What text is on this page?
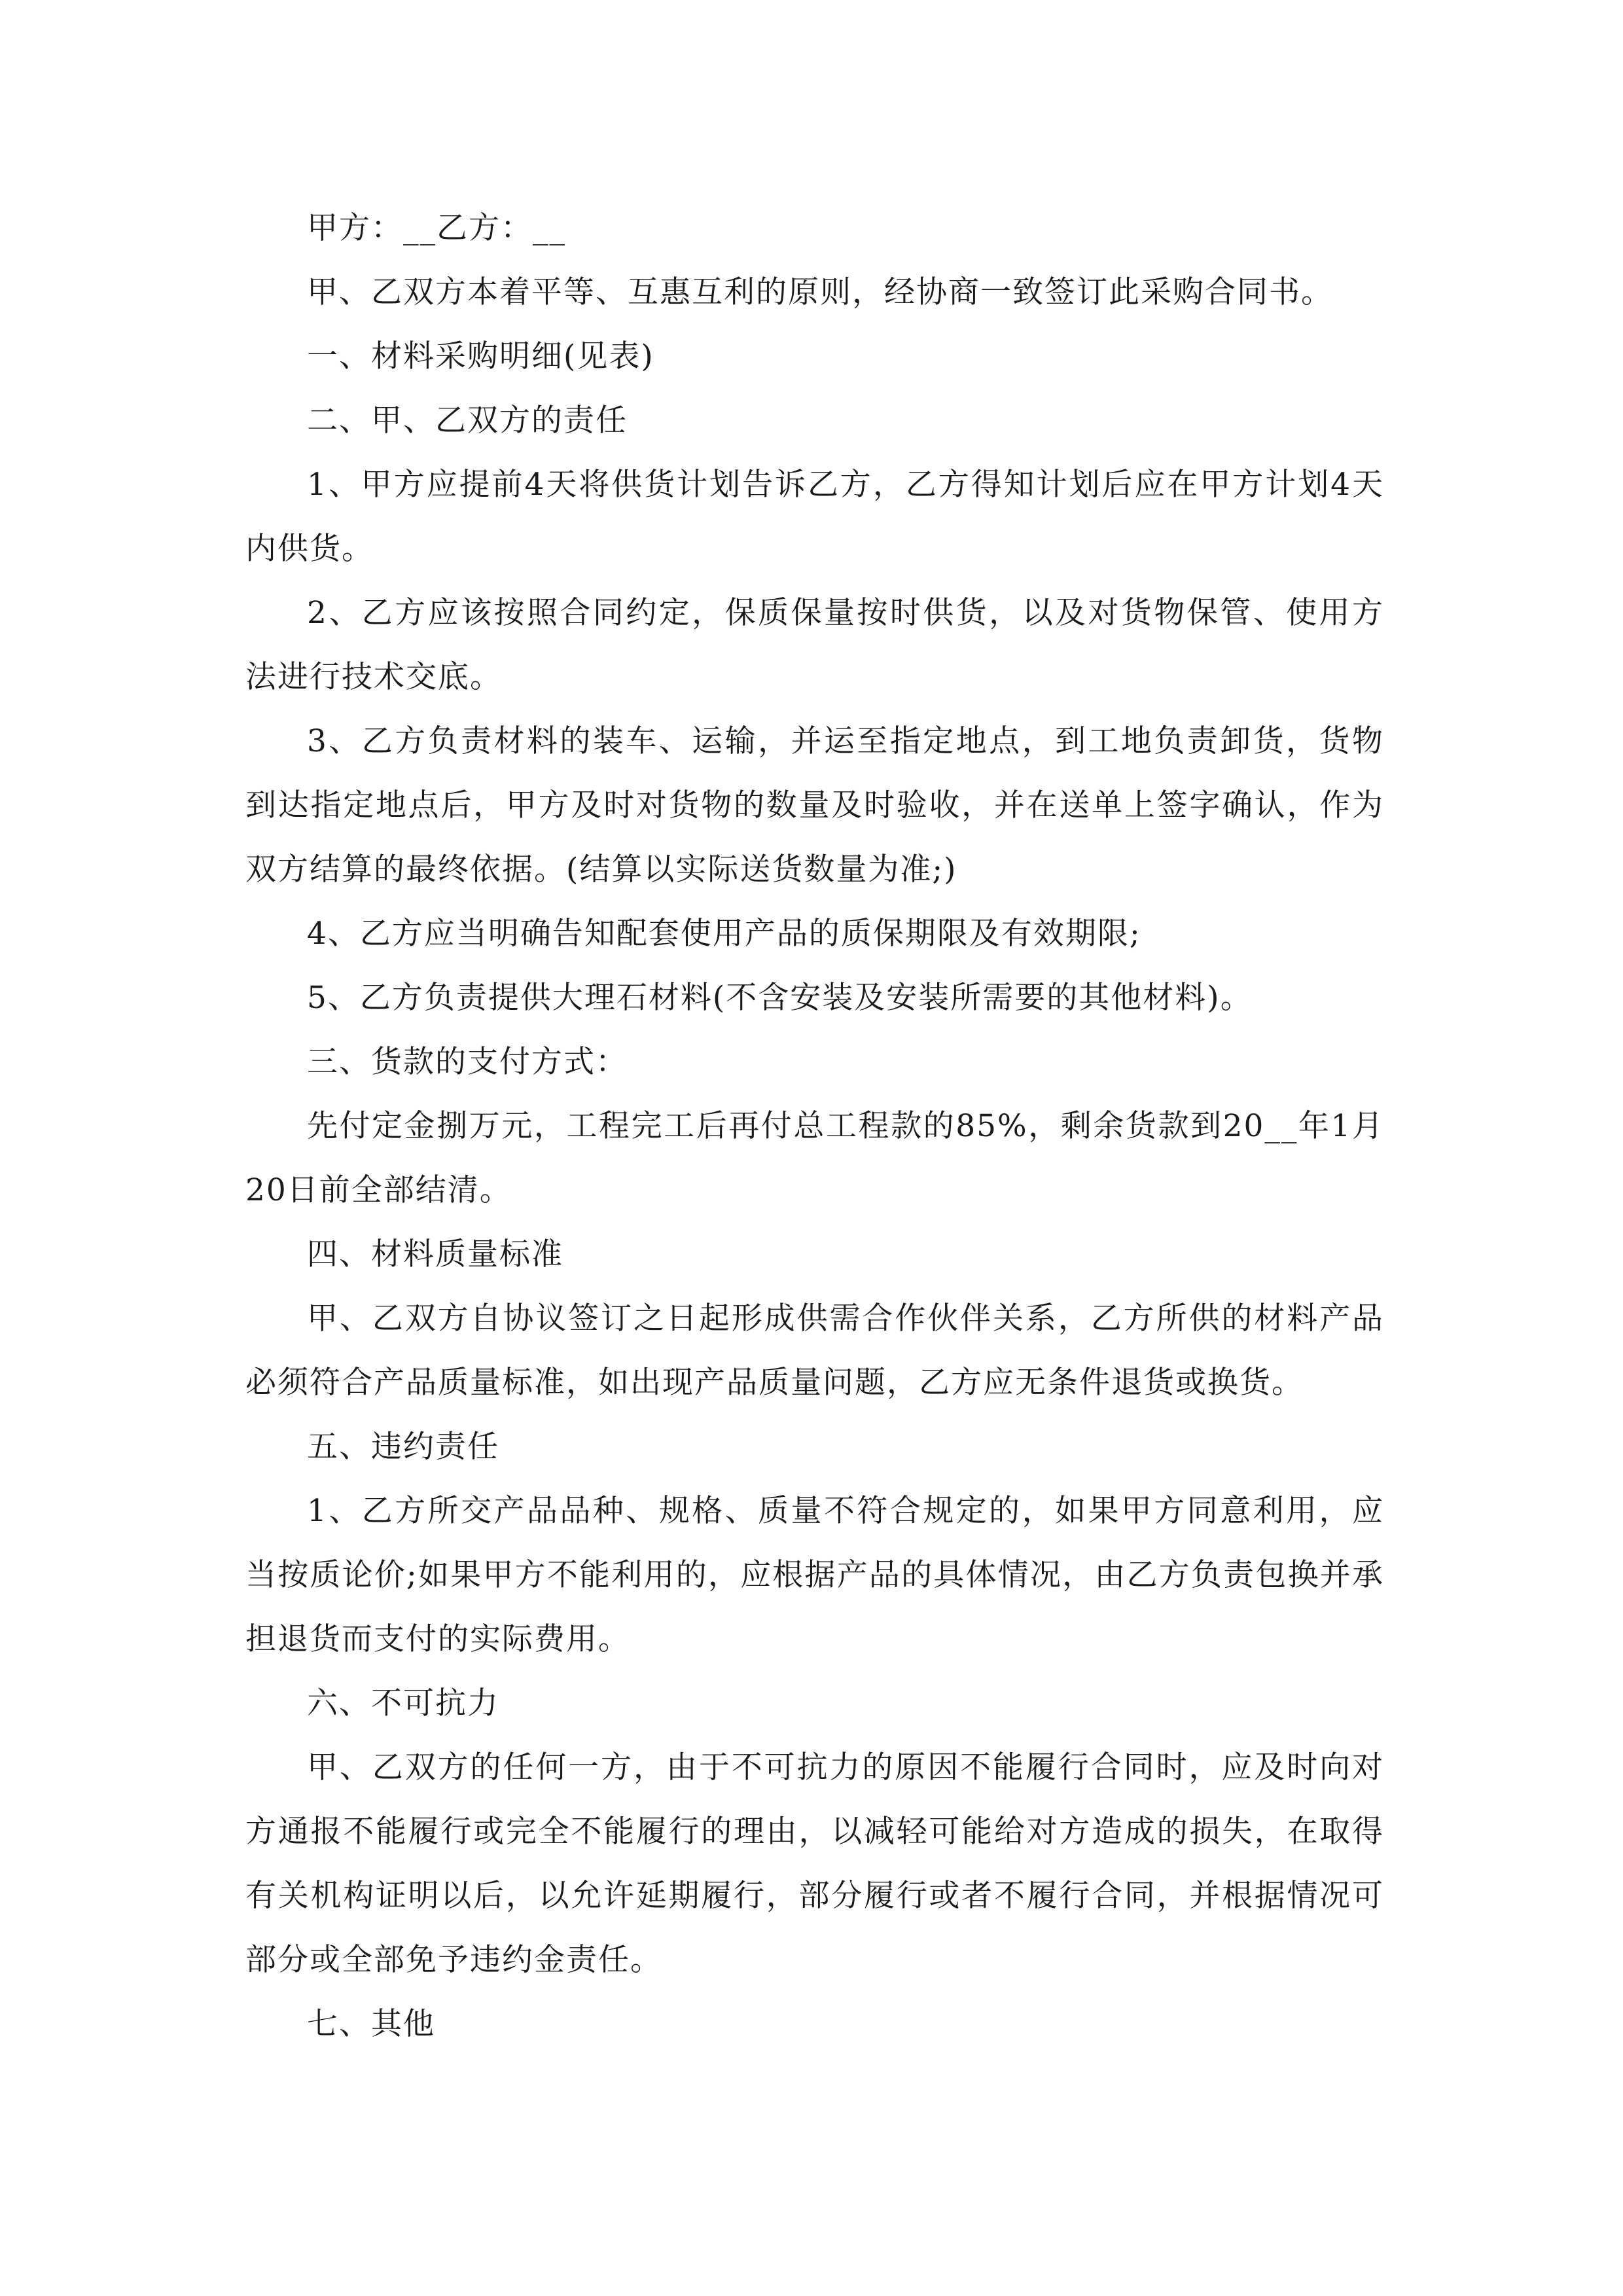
甲方：__乙方：__

甲、乙双方本着平等、互惠互利的原则，经协商一致签订此采购合同书。

一、材料采购明细(见表)

二、甲、乙双方的责任

1、甲方应提前4天将供货计划告诉乙方，乙方得知计划后应在甲方计划4天内供货。

2、乙方应该按照合同约定，保质保量按时供货，以及对货物保管、使用方法进行技术交底。

3、乙方负责材料的装车、运输，并运至指定地点，到工地负责卸货，货物到达指定地点后，甲方及时对货物的数量及时验收，并在送单上签字确认，作为双方结算的最终依据。(结算以实际送货数量为准;)

4、乙方应当明确告知配套使用产品的质保期限及有效期限;

5、乙方负责提供大理石材料(不含安装及安装所需要的其他材料)。

三、货款的支付方式：

先付定金捌万元，工程完工后再付总工程款的85%，剩余货款到20__年1月20日前全部结清。

四、材料质量标准

甲、乙双方自协议签订之日起形成供需合作伙伴关系，乙方所供的材料产品必须符合产品质量标准，如出现产品质量问题，乙方应无条件退货或换货。

五、违约责任

1、乙方所交产品品种、规格、质量不符合规定的，如果甲方同意利用，应当按质论价;如果甲方不能利用的，应根据产品的具体情况，由乙方负责包换并承担退货而支付的实际费用。

六、不可抗力

甲、乙双方的任何一方，由于不可抗力的原因不能履行合同时，应及时向对方通报不能履行或完全不能履行的理由，以减轻可能给对方造成的损失，在取得有关机构证明以后，以允许延期履行，部分履行或者不履行合同，并根据情况可部分或全部免予违约金责任。

七、其他
